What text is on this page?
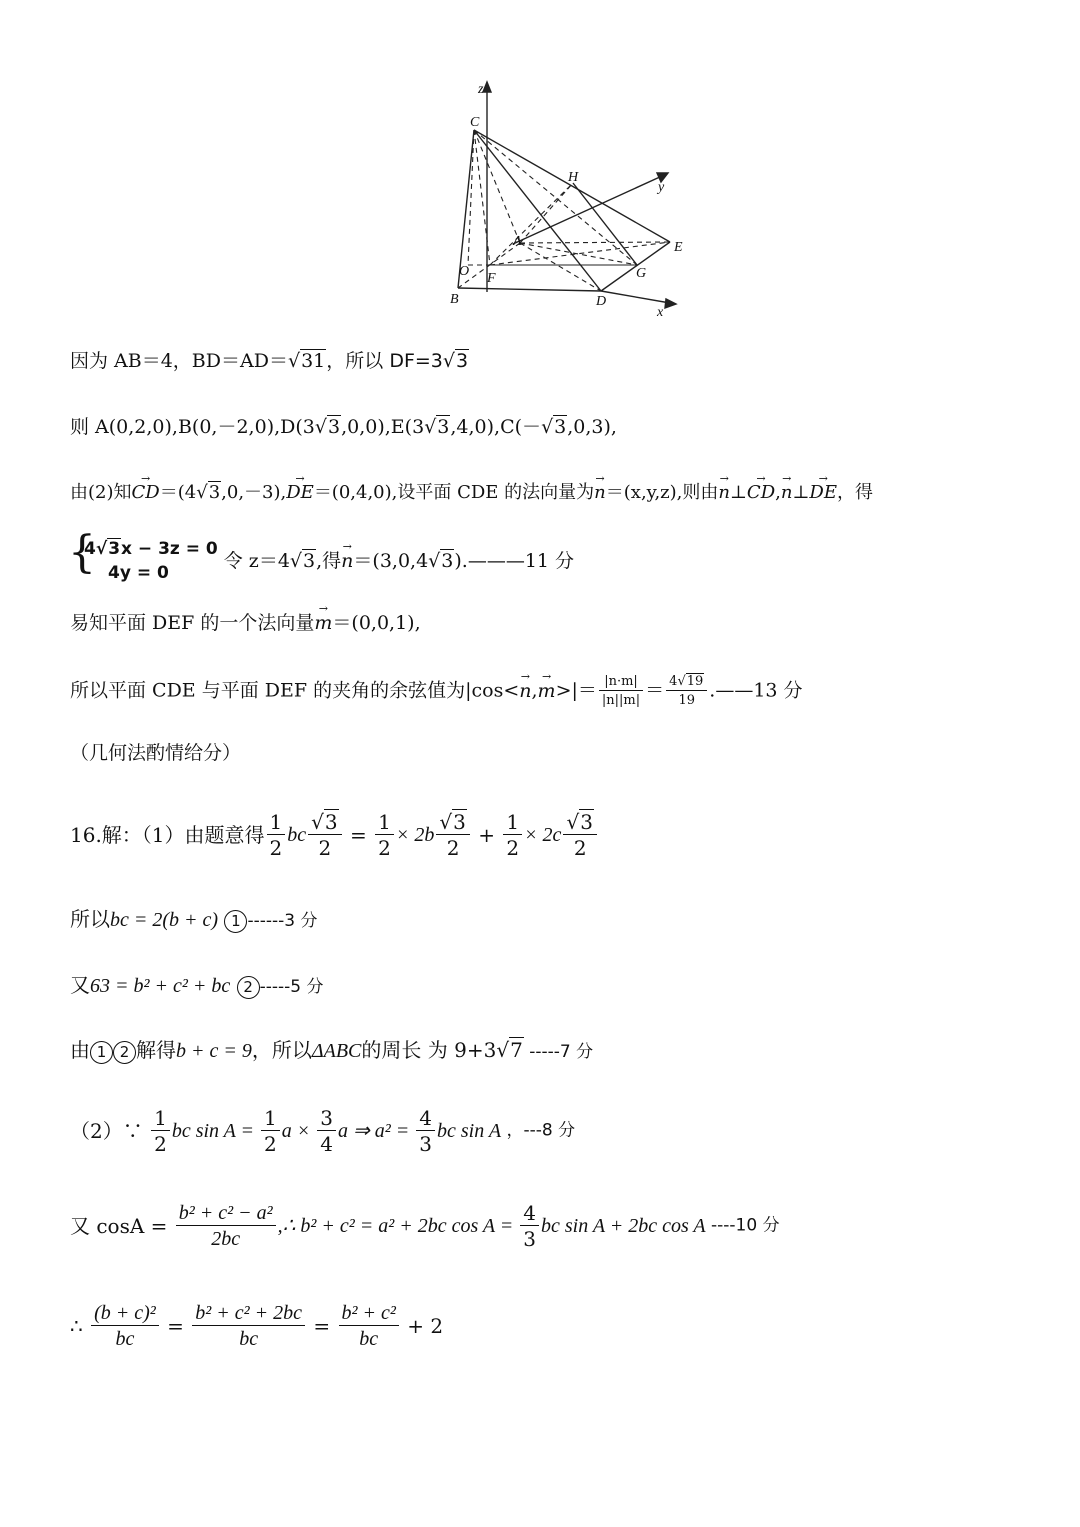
z
C
H
y
A	E
O F	G
B	D
x
因为 AB＝4，BD＝AD＝√31，所以 DF=3√3
则 A(0,2,0),B(0,－2,0),D(3√3,0,0),E(3√3,4,0),C(－√3,0,3),
由(2)知→ CD＝(4√3,0,－3),→ DE＝(0,4,0),设平面 CDE 的法向量为→ n＝(x,y,z),则由→ n⊥→ CD,→ n⊥→ DE，得
{ 4√3x − 3z = 0
4y = 0
令 z＝4√3,得→ n＝(3,0,4√3).———11 分
易知平面 DEF 的一个法向量→ m＝(0,0,1),
所以平面 CDE 与平面 DEF 的夹角的余弦值为$|\cos<\to n,\to m>|= \frac{|n\cdot m|}{|n||m|} = \frac{4√19}{19}$ .——13 分
（几何法酌情给分）
16.解：（1）由题意得 $\frac{1}{2}$ bc $\frac{√3}{2} = \frac{1}{2} \times 2b \frac{√3}{2} + \frac{1}{2} \times 2c \frac{√3}{2}$
所以bc = 2(b + c) 1 ------3 分
又63 = b² + c² + bc 2 -----5 分
由 1 2 解得b + c = 9，所以ΔABC的周长 为 9+3√7 -----7 分
（2）∵ $\frac{1}{2}$ bc $\sin A = \frac{1}{2}$ $a \times \frac{3}{4}$ a ⇒ $a^2 = \frac{4}{3}$ bc sin A ，---8 分
又 $\cos A = \frac{\text{b² + c² − a²}}{2bc}$ ,∴ b² + c² = a² + 2bc $\cos A = \frac{4}{3}$ bc sin A + 2bc cos A ----10 分
∴ $\frac{\text{(b + c)²}}{bc} = \frac{\text{b² + c² + 2bc}}{bc} = \frac{\text{b² + c²}}{bc} + 2$
